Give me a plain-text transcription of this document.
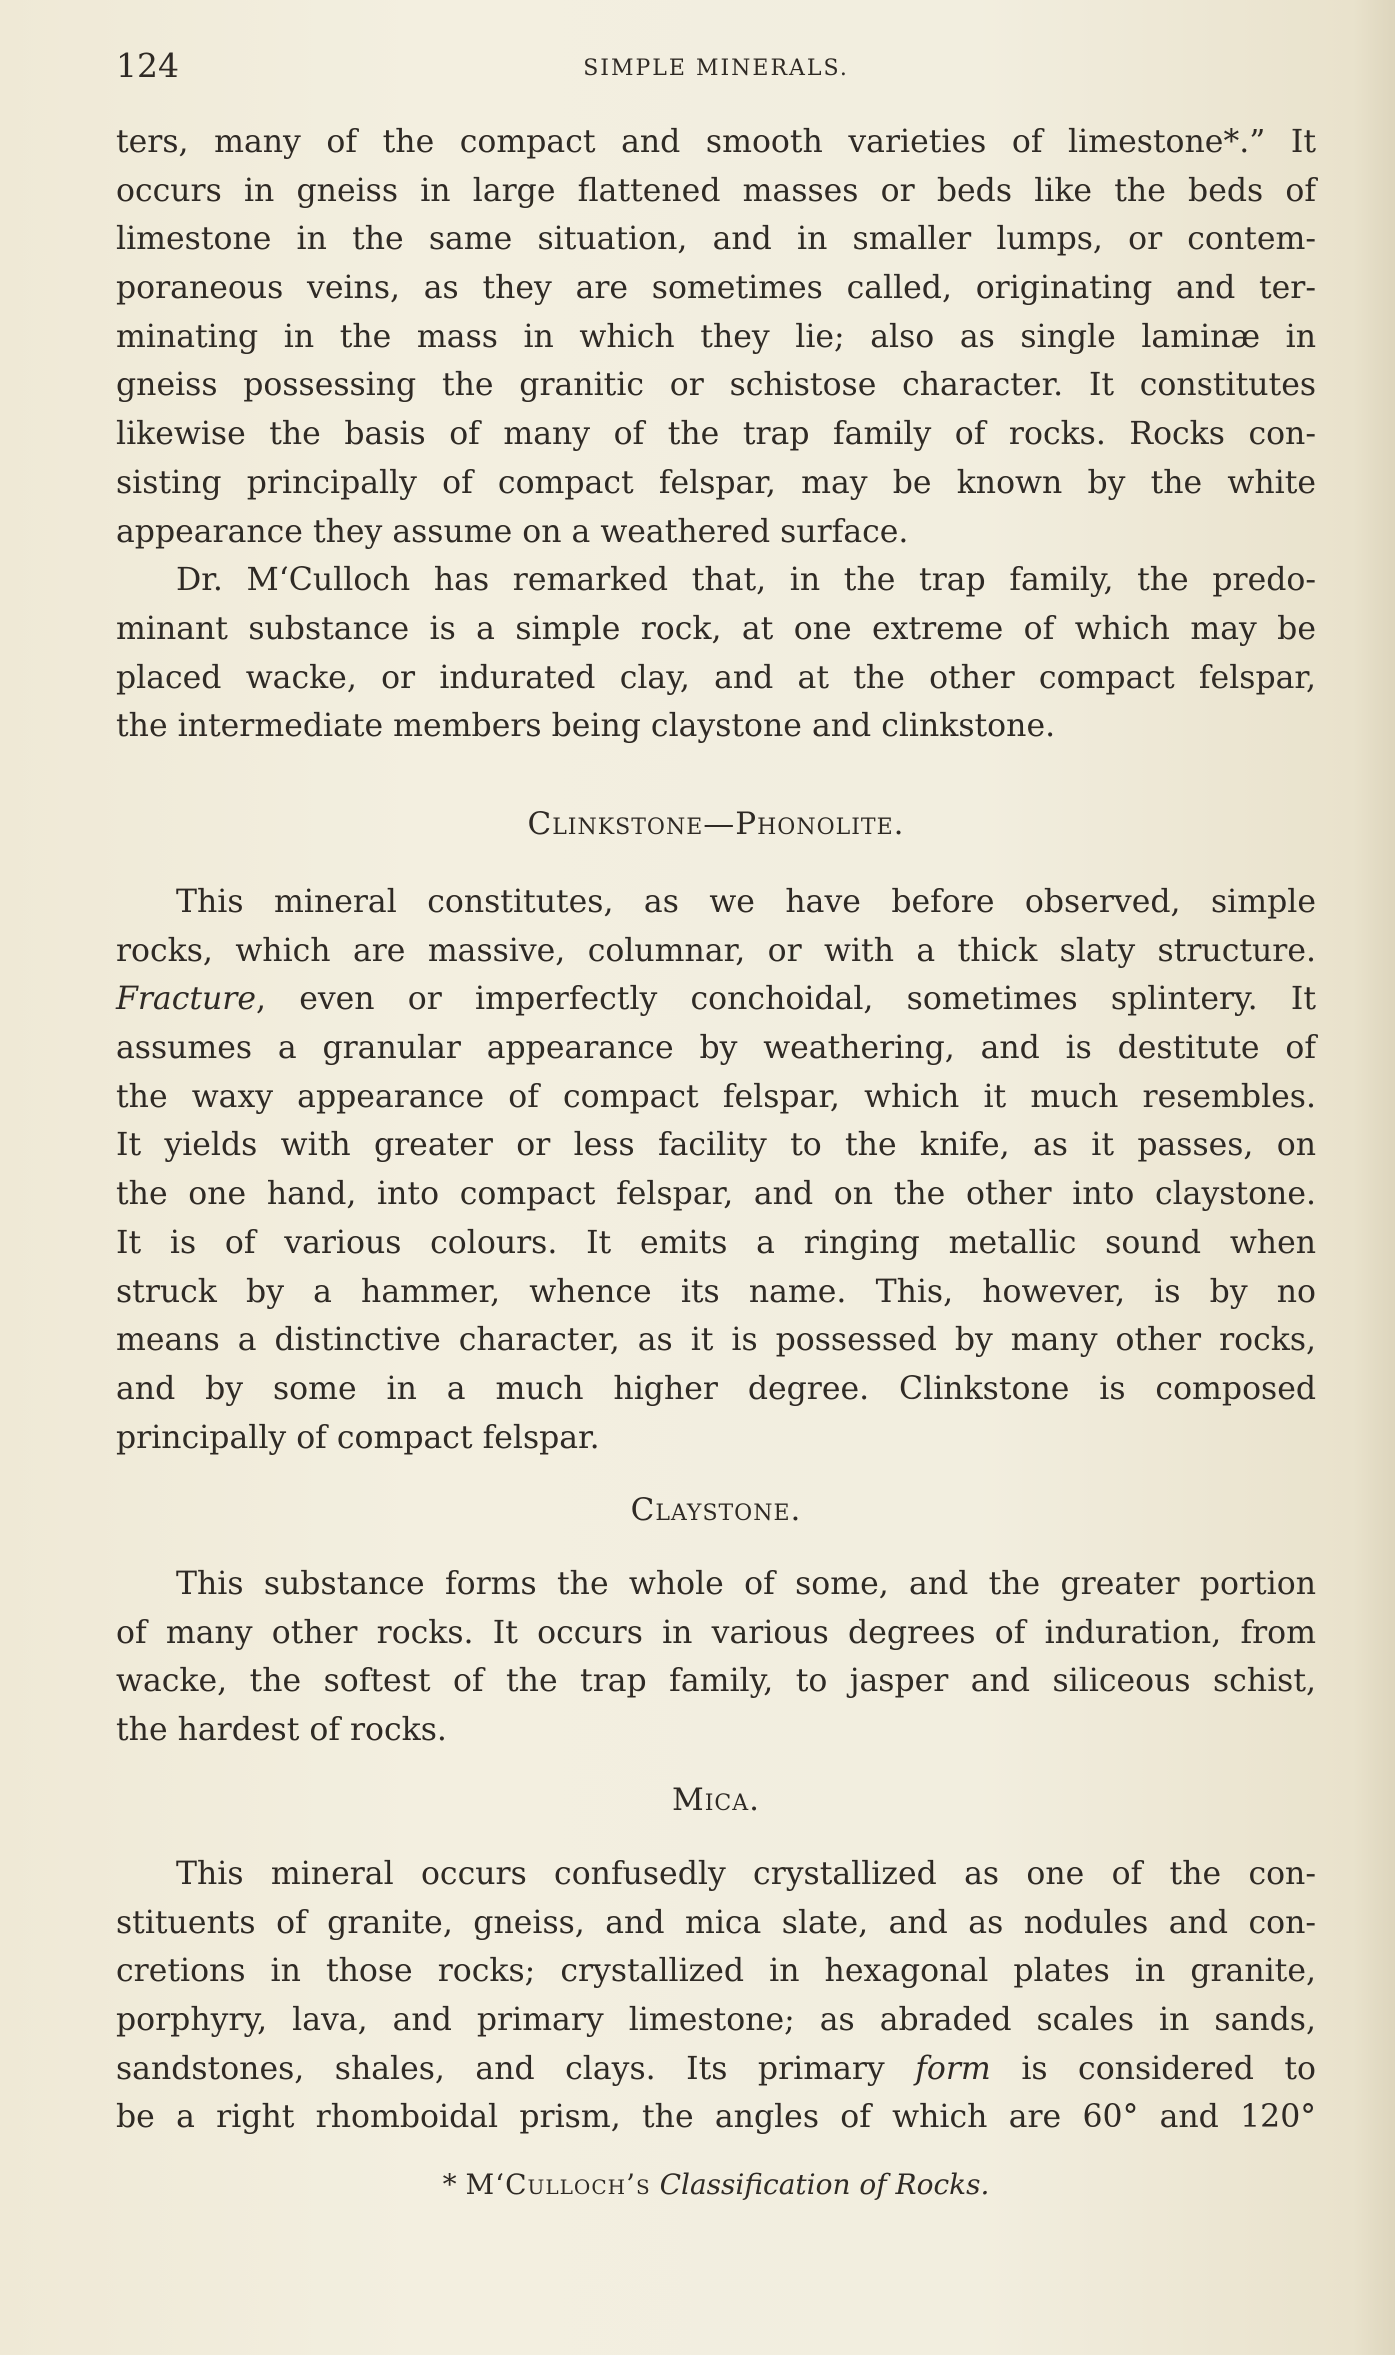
124	SIMPLE MINERALS.
ters, many of the compact and smooth varieties of limestone*.” It
occurs in gneiss in large flattened masses or beds like the beds of
limestone in the same situation, and in smaller lumps, or contem-
poraneous veins, as they are sometimes called, originating and ter-
minating in the mass in which they lie; also as single laminæ in
gneiss possessing the granitic or schistose character. It constitutes
likewise the basis of many of the trap family of rocks. Rocks con-
sisting principally of compact felspar, may be known by the white
appearance they assume on a weathered surface.
Dr. M‘Culloch has remarked that, in the trap family, the predo-
minant substance is a simple rock, at one extreme of which may be
placed wacke, or indurated clay, and at the other compact felspar,
the intermediate members being claystone and clinkstone.
Clinkstone—Phonolite.
This mineral constitutes, as we have before observed, simple
rocks, which are massive, columnar, or with a thick slaty structure.
Fracture, even or imperfectly conchoidal, sometimes splintery. It
assumes a granular appearance by weathering, and is destitute of
the waxy appearance of compact felspar, which it much resembles.
It yields with greater or less facility to the knife, as it passes, on
the one hand, into compact felspar, and on the other into claystone.
It is of various colours. It emits a ringing metallic sound when
struck by a hammer, whence its name. This, however, is by no
means a distinctive character, as it is possessed by many other rocks,
and by some in a much higher degree. Clinkstone is composed
principally of compact felspar.
Claystone.
This substance forms the whole of some, and the greater portion
of many other rocks. It occurs in various degrees of induration, from
wacke, the softest of the trap family, to jasper and siliceous schist,
the hardest of rocks.
Mica.
This mineral occurs confusedly crystallized as one of the con-
stituents of granite, gneiss, and mica slate, and as nodules and con-
cretions in those rocks; crystallized in hexagonal plates in granite,
porphyry, lava, and primary limestone; as abraded scales in sands,
sandstones, shales, and clays. Its primary form is considered to
be a right rhomboidal prism, the angles of which are 60° and 120°
* M‘Culloch’s Classification of Rocks.
